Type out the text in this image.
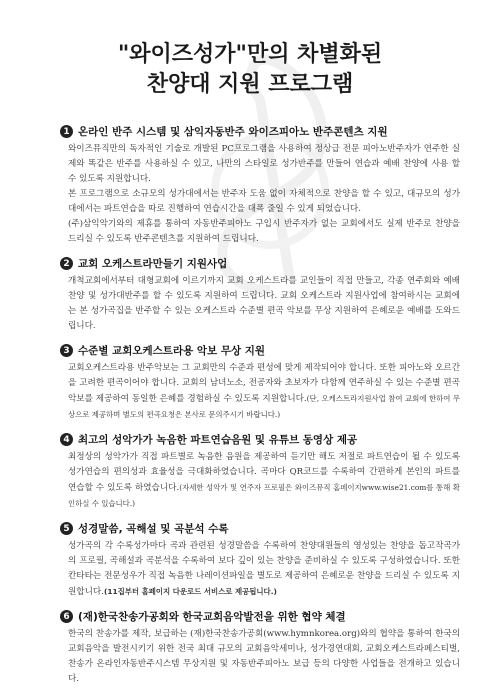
"와이즈성가"만의 차별화된
찬양대 지원 프로그램
1 온라인 반주 시스템 및 삼익자동반주 와이즈피아노 반주콘텐츠 지원

와이즈뮤직만의 독자적인 기술로 개발된 PC프로그램을 사용하여 정상급 전문 피아노반주자가 연주한 실제와 똑같은 반주를 사용하실 수 있고, 나만의 스타일로 성가반주를 만들어 연습과 예배 찬양에 사용 할 수 있도록 지원합니다.

본 프로그램으로 소규모의 성가대에서는 반주자 도움 없이 자체적으로 찬양을 할 수 있고, 대규모의 성가대에서는 파트연습을 따로 진행하여 연습시간을 대폭 줄일 수 있게 되었습니다.

(주)삼익악기와의 제휴를 통하여 자동반주피아노 구입시 반주자가 없는 교회에서도 실제 반주로 찬양을 드리실 수 있도록 반주콘텐츠를 지원하여 드립니다.

2 교회 오케스트라만들기 지원사업

개척교회에서부터 대형교회에 이르기까지 교회 오케스트라를 교인들이 직접 만들고, 각종 연주회와 예배찬양 및 성가대반주를 할 수 있도록 지원하여 드립니다. 교회 오케스트라 지원사업에 참여하시는 교회에는 본 성가곡집을 반주할 수 있는 오케스트라 수준별 편곡 악보를 무상 지원하여 은혜로운 예배를 도와드립니다.

3 수준별 교회오케스트라용 악보 무상 지원

교회오케스트라용 반주악보는 그 교회만의 수준과 편성에 맞게 제작되어야 합니다. 또한 피아노와 오르간을 고려한 편곡이어야 합니다. 교회의 남녀노소, 전공자와 초보자가 다함께 연주하실 수 있는 수준별 편곡악보를 제공하여 동일한 은혜를 경험하실 수 있도록 지원합니다.(단, 오케스트라지원사업 참여 교회에 한하여 무상으로 제공하며 별도의 편곡요청은 본사로 문의주시기 바랍니다.)

4 최고의 성악가가 녹음한 파트연습음원 및 유튜브 동영상 제공

최정상의 성악가가 직접 파트별로 녹음한 음원을 제공하여 듣기만 해도 저절로 파트연습이 될 수 있도록 성가연습의 편의성과 효율성을 극대화하였습니다. 곡마다 QR코드를 수록하여 간편하게 본인의 파트를 연습할 수 있도록 하였습니다.(자세한 성악가 및 연주자 프로필은 와이즈뮤직 홈페이지www.wise21.com를 통해 확인하실 수 있습니다.)

5 성경말씀, 곡해설 및 곡분석 수록

성가곡의 각 수록성가마다 곡과 관련된 성경말씀을 수록하여 찬양대원들의 영성있는 찬양을 돕고작곡가의 프로필, 곡해설과 곡분석을 수록하여 보다 깊이 있는 찬양을 준비하실 수 있도록 구성하였습니다. 또한 칸타타는 전문성우가 직접 녹음한 나레이션파일을 별도로 제공하여 은혜로운 찬양을 드리실 수 있도록 지원합니다.(11집부터 홈페이지 다운로드 서비스로 제공됩니다.)

6 (재)한국찬송가공회와 한국교회음악발전을 위한 협약 체결

한국의 찬송가를 제작, 보급하는 (재)한국찬송가공회(www.hymnkorea.org)와의 협약을 통하여 한국의 교회음악을 발전시키기 위한 전국 최대 규모의 교회음악세미나, 성가경연대회, 교회오케스트라페스티벌, 찬송가 온라인자동반주시스템 무상지원 및 자동반주피아노 보급 등의 다양한 사업들을 전개하고 있습니다.
